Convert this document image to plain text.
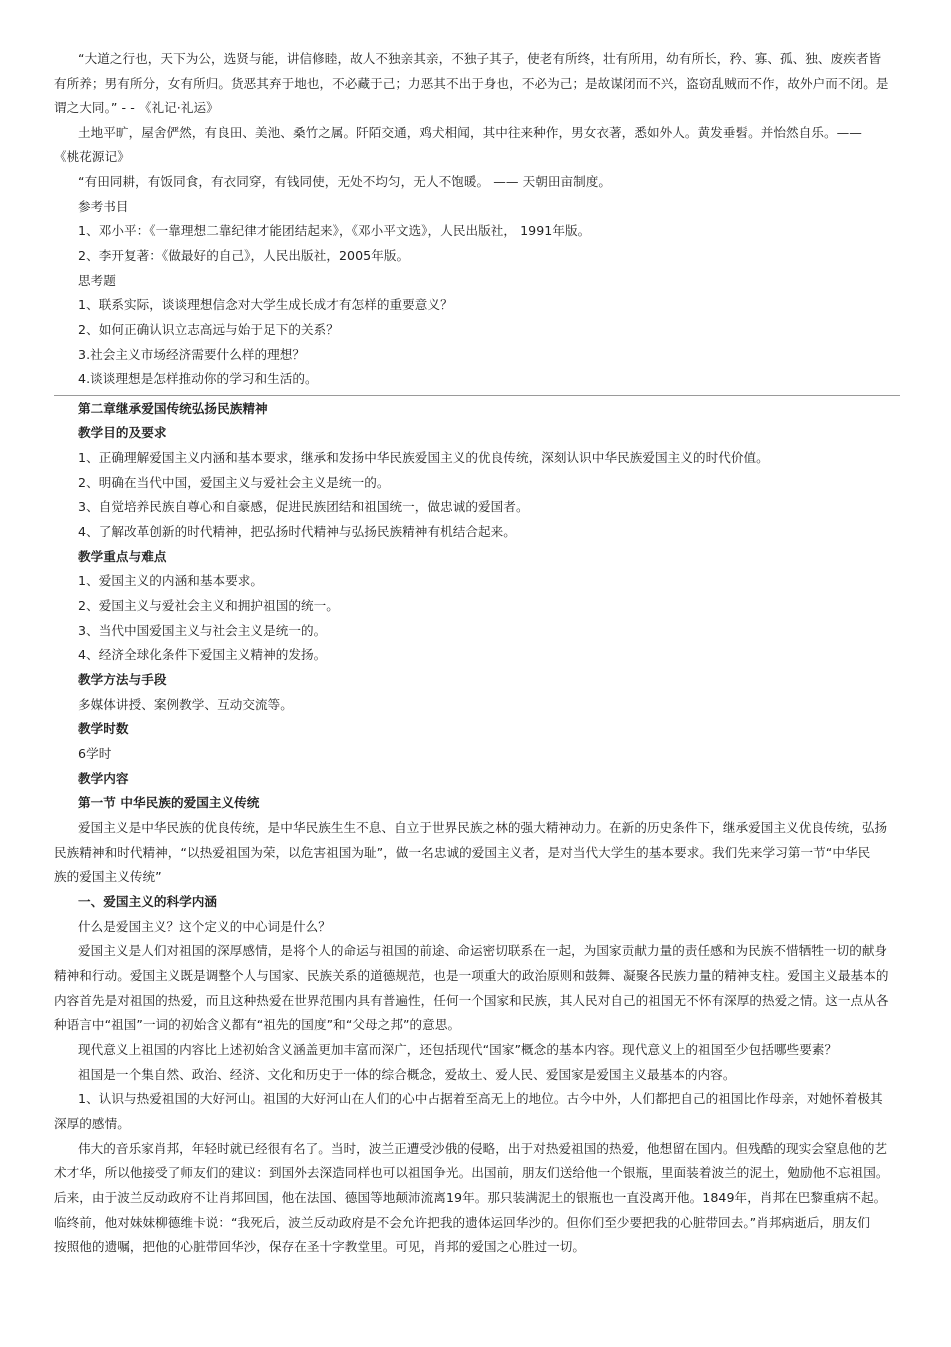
“大道之行也，天下为公，选贤与能，讲信修睦，故人不独亲其亲，不独子其子，使老有所终，壮有所用，幼有所长，矜、寡、孤、独、废疾者皆
有所养；男有所分，女有所归。货恶其弃于地也，不必藏于己；力恶其不出于身也，不必为己；是故谋闭而不兴，盗窃乱贼而不作，故外户而不闭。是
谓之大同。” - - 《礼记·礼运》
土地平旷，屋舍俨然，有良田、美池、桑竹之属。阡陌交通，鸡犬相闻，其中往来种作，男女衣著，悉如外人。黄发垂髫。并怡然自乐。——
《桃花源记》
“有田同耕，有饭同食，有衣同穿，有钱同使，无处不均匀，无人不饱暖。 —— 天朝田亩制度。
参考书目
1、邓小平：《一靠理想二靠纪律才能团结起来》，《邓小平文选》，人民出版社， 1991年版。
2、李开复著：《做最好的自己》，人民出版社，2005年版。
思考题
1、联系实际，谈谈理想信念对大学生成长成才有怎样的重要意义？
2、如何正确认识立志高远与始于足下的关系？
3.社会主义市场经济需要什么样的理想？
4.谈谈理想是怎样推动你的学习和生活的。
第二章继承爱国传统弘扬民族精神
教学目的及要求
1、正确理解爱国主义内涵和基本要求，继承和发扬中华民族爱国主义的优良传统，深刻认识中华民族爱国主义的时代价值。
2、明确在当代中国，爱国主义与爱社会主义是统一的。
3、自觉培养民族自尊心和自豪感，促进民族团结和祖国统一，做忠诚的爱国者。
4、了解改革创新的时代精神，把弘扬时代精神与弘扬民族精神有机结合起来。
教学重点与难点
1、爱国主义的内涵和基本要求。
2、爱国主义与爱社会主义和拥护祖国的统一。
3、当代中国爱国主义与社会主义是统一的。
4、经济全球化条件下爱国主义精神的发扬。
教学方法与手段
多媒体讲授、案例教学、互动交流等。
教学时数
6学时
教学内容
第一节 中华民族的爱国主义传统
爱国主义是中华民族的优良传统，是中华民族生生不息、自立于世界民族之林的强大精神动力。在新的历史条件下，继承爱国主义优良传统，弘扬
民族精神和时代精神，“以热爱祖国为荣，以危害祖国为耻”，做一名忠诚的爱国主义者，是对当代大学生的基本要求。我们先来学习第一节“中华民
族的爱国主义传统”
一、爱国主义的科学内涵
什么是爱国主义？这个定义的中心词是什么？
爱国主义是人们对祖国的深厚感情，是将个人的命运与祖国的前途、命运密切联系在一起，为国家贡献力量的责任感和为民族不惜牺牲一切的献身
精神和行动。爱国主义既是调整个人与国家、民族关系的道德规范，也是一项重大的政治原则和鼓舞、凝聚各民族力量的精神支柱。爱国主义最基本的
内容首先是对祖国的热爱，而且这种热爱在世界范围内具有普遍性，任何一个国家和民族，其人民对自己的祖国无不怀有深厚的热爱之情。这一点从各
种语言中“祖国”一词的初始含义都有“祖先的国度”和“父母之邦”的意思。
现代意义上祖国的内容比上述初始含义涵盖更加丰富而深广，还包括现代“国家”概念的基本内容。现代意义上的祖国至少包括哪些要素？
祖国是一个集自然、政治、经济、文化和历史于一体的综合概念，爱故土、爱人民、爱国家是爱国主义最基本的内容。
1、认识与热爱祖国的大好河山。祖国的大好河山在人们的心中占据着至高无上的地位。古今中外，人们都把自己的祖国比作母亲，对她怀着极其
深厚的感情。
伟大的音乐家肖邦，年轻时就已经很有名了。当时，波兰正遭受沙俄的侵略，出于对热爱祖国的热爱，他想留在国内。但残酷的现实会窒息他的艺
术才华，所以他接受了师友们的建议：到国外去深造同样也可以祖国争光。出国前，朋友们送给他一个银瓶，里面装着波兰的泥土，勉励他不忘祖国。
后来，由于波兰反动政府不让肖邦回国，他在法国、德国等地颠沛流离19年。那只装满泥土的银瓶也一直没离开他。1849年，肖邦在巴黎重病不起。
临终前，他对妹妹柳德维卡说：“我死后，波兰反动政府是不会允许把我的遗体运回华沙的。但你们至少要把我的心脏带回去。”肖邦病逝后，朋友们
按照他的遗嘱，把他的心脏带回华沙，保存在圣十字教堂里。可见，肖邦的爱国之心胜过一切。
